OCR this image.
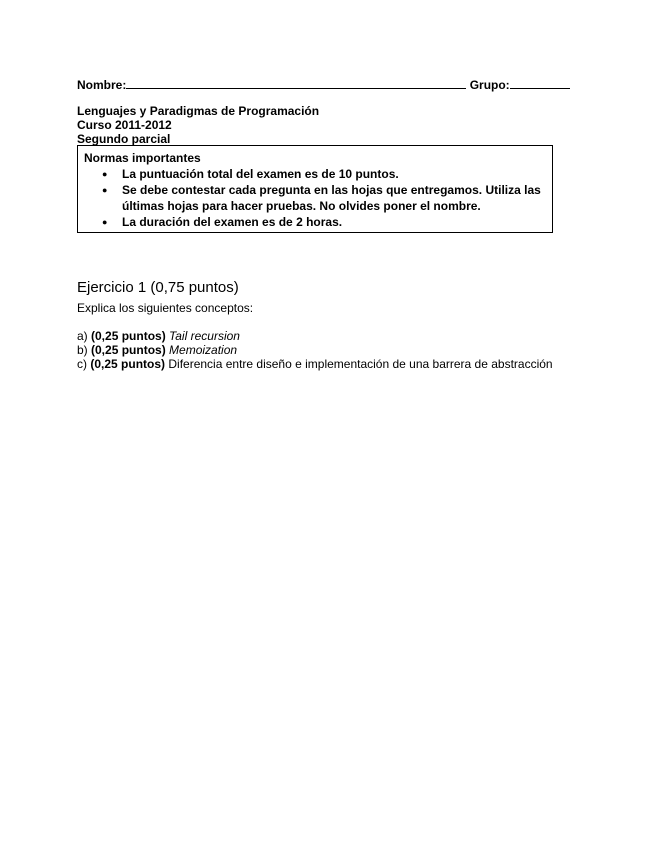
Nombre:	Grupo:
Lenguajes y Paradigmas de Programación
Curso 2011-2012
Segundo parcial
Normas importantes
● La puntuación total del examen es de 10 puntos.
● Se debe contestar cada pregunta en las hojas que entregamos. Utiliza las últimas hojas para hacer pruebas. No olvides poner el nombre.
● La duración del examen es de 2 horas.
Ejercicio 1 (0,75 puntos)
Explica los siguientes conceptos:
a) (0,25 puntos) Tail recursion
b) (0,25 puntos) Memoization
c) (0,25 puntos) Diferencia entre diseño e implementación de una barrera de abstracción
